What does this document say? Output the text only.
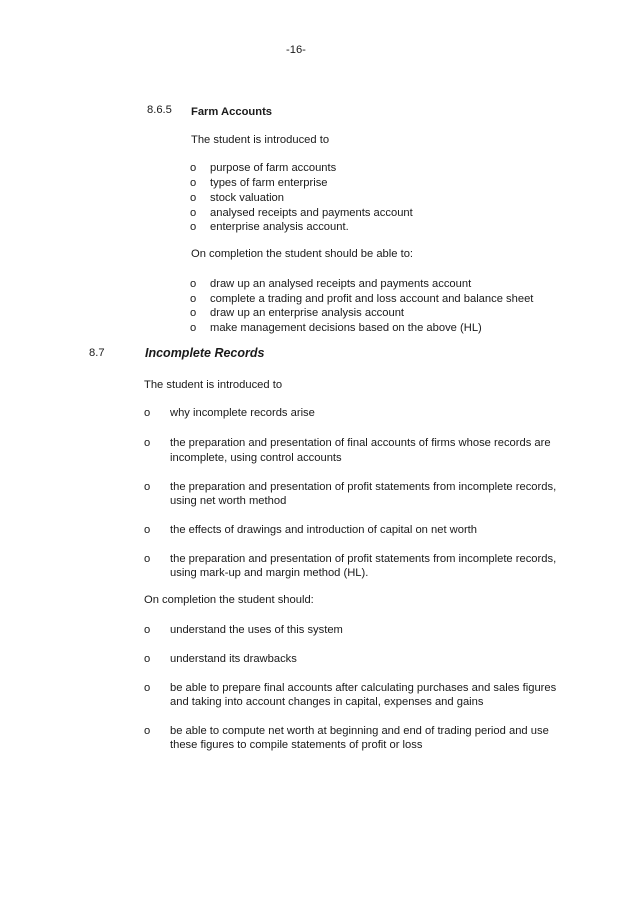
-16-
8.6.5 Farm Accounts
The student is introduced to
o purpose of farm accounts
o types of farm enterprise
o stock valuation
o analysed receipts and payments account
o enterprise analysis account.
On completion the student should be able to:
o draw up an analysed receipts and payments account
o complete a trading and profit and loss account and balance sheet
o draw up an enterprise analysis account
o make management decisions based on the above (HL)
8.7	Incomplete Records
The student is introduced to
o why incomplete records arise
o the preparation and presentation of final accounts of firms whose records are
incomplete, using control accounts
o the preparation and presentation of profit statements from incomplete records,
using net worth method
o the effects of drawings and introduction of capital on net worth
o the preparation and presentation of profit statements from incomplete records,
using mark-up and margin method (HL).
On completion the student should:
o understand the uses of this system
o understand its drawbacks
o be able to prepare final accounts after calculating purchases and sales figures
and taking into account changes in capital, expenses and gains
o be able to compute net worth at beginning and end of trading period and use
these figures to compile statements of profit or loss
